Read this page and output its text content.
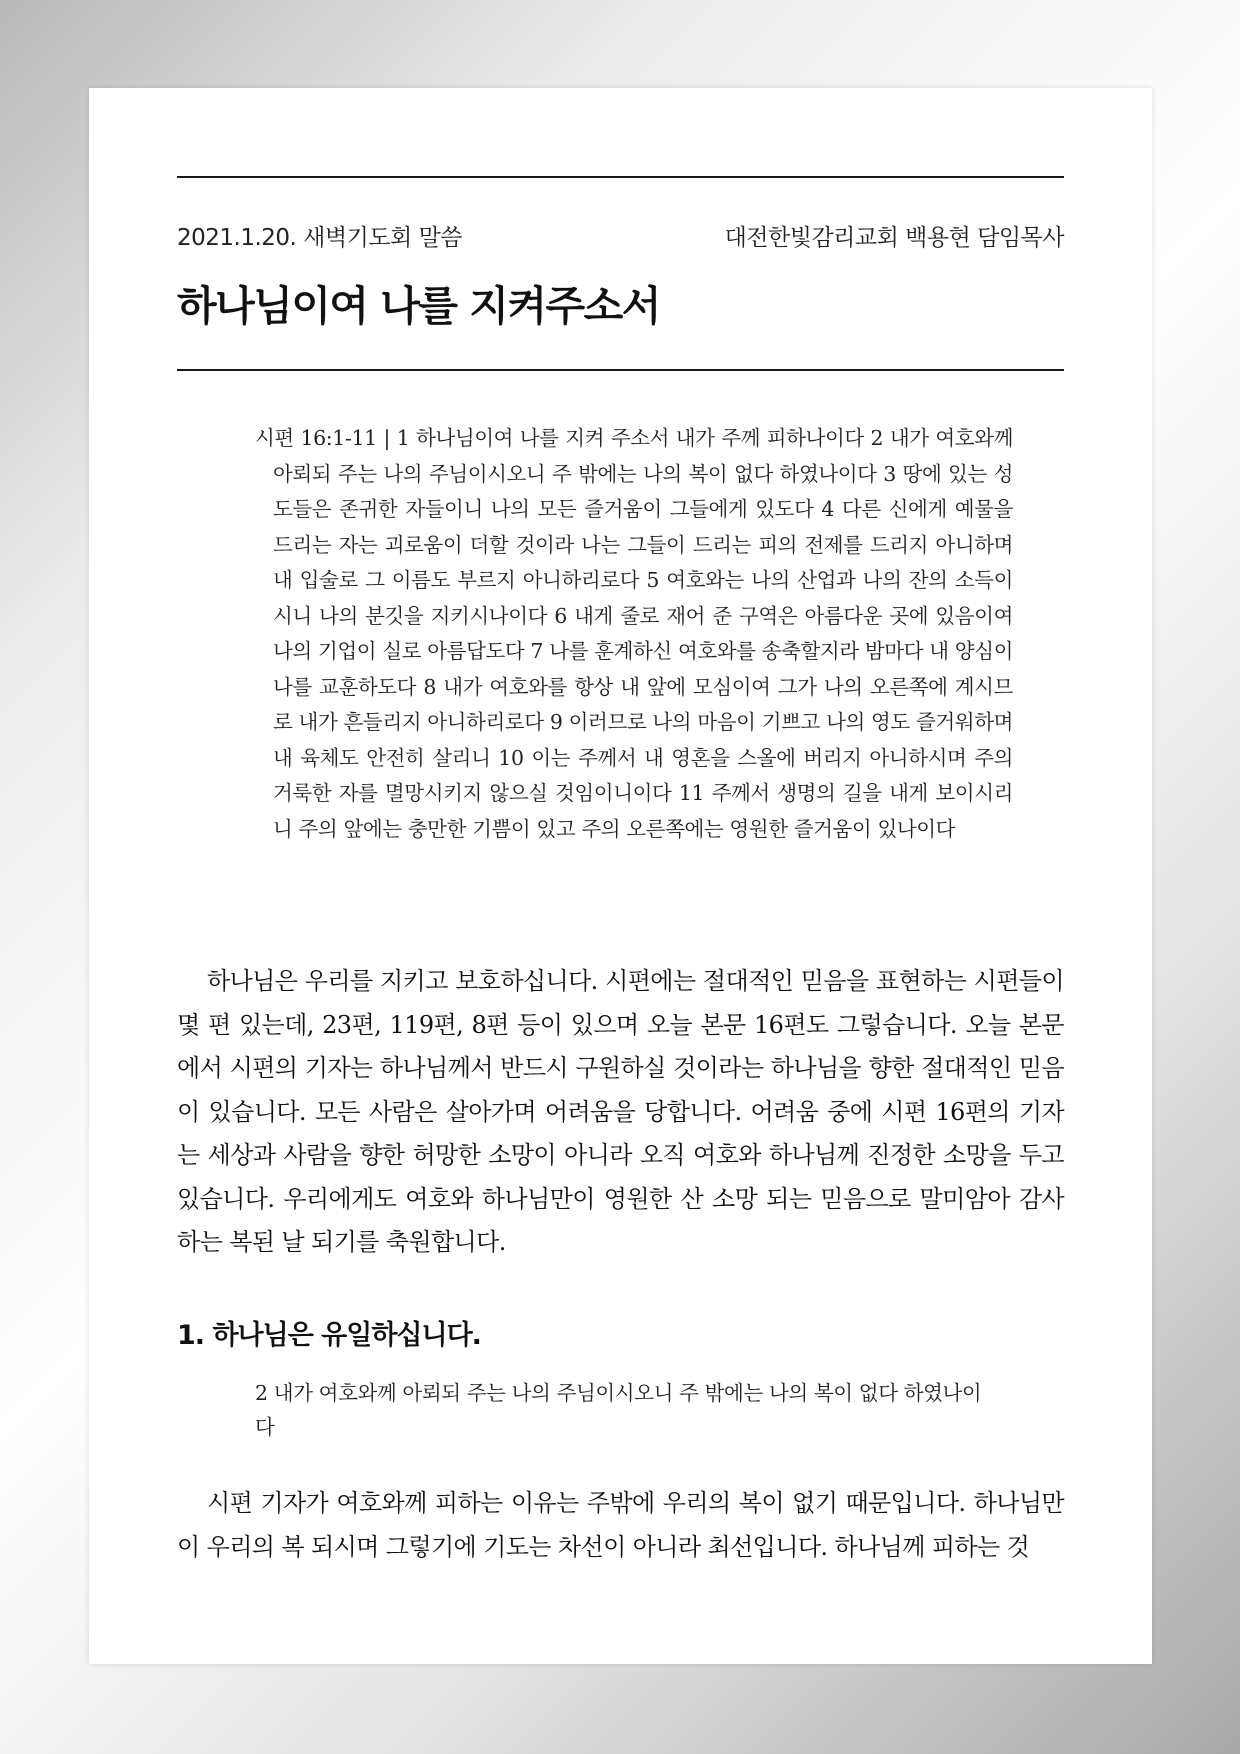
2021.1.20. 새벽기도회 말씀	대전한빛감리교회 백용현 담임목사
하나님이여 나를 지켜주소서
시편 16:1-11 | 1 하나님이여 나를 지켜 주소서 내가 주께 피하나이다 2 내가 여호와께 아뢰되 주는 나의 주님이시오니 주 밖에는 나의 복이 없다 하였나이다 3 땅에 있는 성도들은 존귀한 자들이니 나의 모든 즐거움이 그들에게 있도다 4 다른 신에게 예물을 드리는 자는 괴로움이 더할 것이라 나는 그들이 드리는 피의 전제를 드리지 아니하며 내 입술로 그 이름도 부르지 아니하리로다 5 여호와는 나의 산업과 나의 잔의 소득이시니 나의 분깃을 지키시나이다 6 내게 줄로 재어 준 구역은 아름다운 곳에 있음이여 나의 기업이 실로 아름답도다 7 나를 훈계하신 여호와를 송축할지라 밤마다 내 양심이 나를 교훈하도다 8 내가 여호와를 항상 내 앞에 모심이여 그가 나의 오른쪽에 계시므로 내가 흔들리지 아니하리로다 9 이러므로 나의 마음이 기쁘고 나의 영도 즐거워하며 내 육체도 안전히 살리니 10 이는 주께서 내 영혼을 스올에 버리지 아니하시며 주의 거룩한 자를 멸망시키지 않으실 것임이니이다 11 주께서 생명의 길을 내게 보이시리니 주의 앞에는 충만한 기쁨이 있고 주의 오른쪽에는 영원한 즐거움이 있나이다

하나님은 우리를 지키고 보호하십니다. 시편에는 절대적인 믿음을 표현하는 시편들이 몇 편 있는데, 23편, 119편, 8편 등이 있으며 오늘 본문 16편도 그렇습니다. 오늘 본문에서 시편의 기자는 하나님께서 반드시 구원하실 것이라는 하나님을 향한 절대적인 믿음이 있습니다. 모든 사람은 살아가며 어려움을 당합니다. 어려움 중에 시편 16편의 기자는 세상과 사람을 향한 허망한 소망이 아니라 오직 여호와 하나님께 진정한 소망을 두고 있습니다. 우리에게도 여호와 하나님만이 영원한 산 소망 되는 믿음으로 말미암아 감사하는 복된 날 되기를 축원합니다.

1. 하나님은 유일하십니다.
2 내가 여호와께 아뢰되 주는 나의 주님이시오니 주 밖에는 나의 복이 없다 하였나이다

시편 기자가 여호와께 피하는 이유는 주밖에 우리의 복이 없기 때문입니다. 하나님만이 우리의 복 되시며 그렇기에 기도는 차선이 아니라 최선입니다. 하나님께 피하는 것
